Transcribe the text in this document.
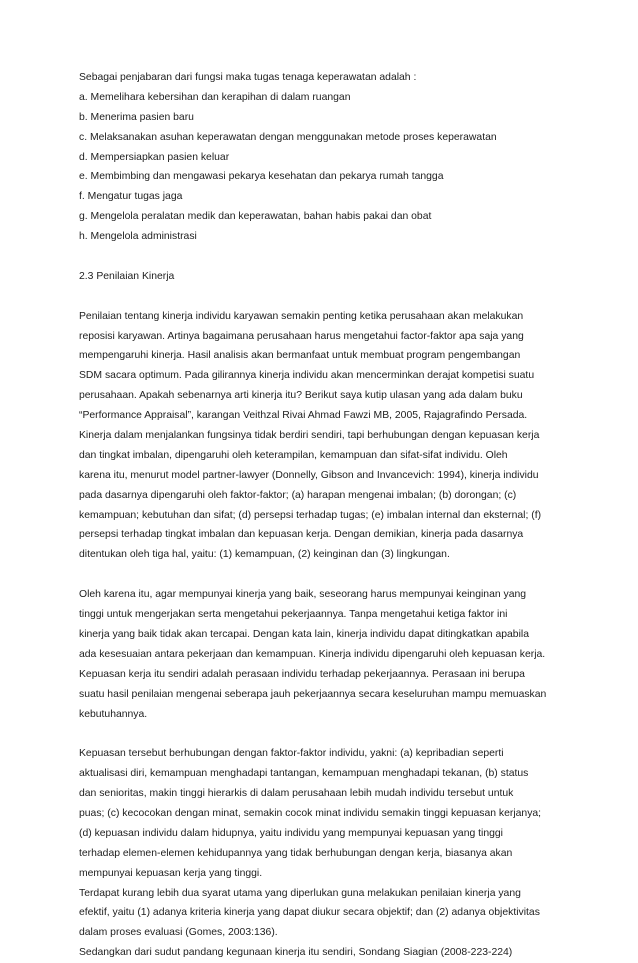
Sebagai penjabaran dari fungsi maka tugas tenaga keperawatan adalah :
a. Memelihara kebersihan dan kerapihan di dalam ruangan
b. Menerima pasien baru
c. Melaksanakan asuhan keperawatan dengan menggunakan metode proses keperawatan
d. Mempersiapkan pasien keluar
e. Membimbing dan mengawasi pekarya kesehatan dan pekarya rumah tangga
f. Mengatur tugas jaga
g. Mengelola peralatan medik dan keperawatan, bahan habis pakai dan obat
h. Mengelola administrasi
2.3 Penilaian Kinerja
Penilaian tentang kinerja individu karyawan semakin penting ketika perusahaan akan melakukan
reposisi karyawan. Artinya bagaimana perusahaan harus mengetahui factor-faktor apa saja yang
mempengaruhi kinerja. Hasil analisis akan bermanfaat untuk membuat program pengembangan
SDM sacara optimum. Pada gilirannya kinerja individu akan mencerminkan derajat kompetisi suatu
perusahaan. Apakah sebenarnya arti kinerja itu? Berikut saya kutip ulasan yang ada dalam buku
“Performance Appraisal”, karangan Veithzal Rivai Ahmad Fawzi MB, 2005, Rajagrafindo Persada.
Kinerja dalam menjalankan fungsinya tidak berdiri sendiri, tapi berhubungan dengan kepuasan kerja
dan tingkat imbalan, dipengaruhi oleh keterampilan, kemampuan dan sifat-sifat individu. Oleh
karena itu, menurut model partner-lawyer (Donnelly, Gibson and Invancevich: 1994), kinerja individu
pada dasarnya dipengaruhi oleh faktor-faktor; (a) harapan mengenai imbalan; (b) dorongan; (c)
kemampuan; kebutuhan dan sifat; (d) persepsi terhadap tugas; (e) imbalan internal dan eksternal; (f)
persepsi terhadap tingkat imbalan dan kepuasan kerja. Dengan demikian, kinerja pada dasarnya
ditentukan oleh tiga hal, yaitu: (1) kemampuan, (2) keinginan dan (3) lingkungan.
Oleh karena itu, agar mempunyai kinerja yang baik, seseorang harus mempunyai keinginan yang
tinggi untuk mengerjakan serta mengetahui pekerjaannya. Tanpa mengetahui ketiga faktor ini
kinerja yang baik tidak akan tercapai. Dengan kata lain, kinerja individu dapat ditingkatkan apabila
ada kesesuaian antara pekerjaan dan kemampuan. Kinerja individu dipengaruhi oleh kepuasan kerja.
Kepuasan kerja itu sendiri adalah perasaan individu terhadap pekerjaannya. Perasaan ini berupa
suatu hasil penilaian mengenai seberapa jauh pekerjaannya secara keseluruhan mampu memuaskan
kebutuhannya.
Kepuasan tersebut berhubungan dengan faktor-faktor individu, yakni: (a) kepribadian seperti
aktualisasi diri, kemampuan menghadapi tantangan, kemampuan menghadapi tekanan, (b) status
dan senioritas, makin tinggi hierarkis di dalam perusahaan lebih mudah individu tersebut untuk
puas; (c) kecocokan dengan minat, semakin cocok minat individu semakin tinggi kepuasan kerjanya;
(d) kepuasan individu dalam hidupnya, yaitu individu yang mempunyai kepuasan yang tinggi
terhadap elemen-elemen kehidupannya yang tidak berhubungan dengan kerja, biasanya akan
mempunyai kepuasan kerja yang tinggi.
Terdapat kurang lebih dua syarat utama yang diperlukan guna melakukan penilaian kinerja yang
efektif, yaitu (1) adanya kriteria kinerja yang dapat diukur secara objektif; dan (2) adanya objektivitas
dalam proses evaluasi (Gomes, 2003:136).
Sedangkan dari sudut pandang kegunaan kinerja itu sendiri, Sondang Siagian (2008-223-224)
